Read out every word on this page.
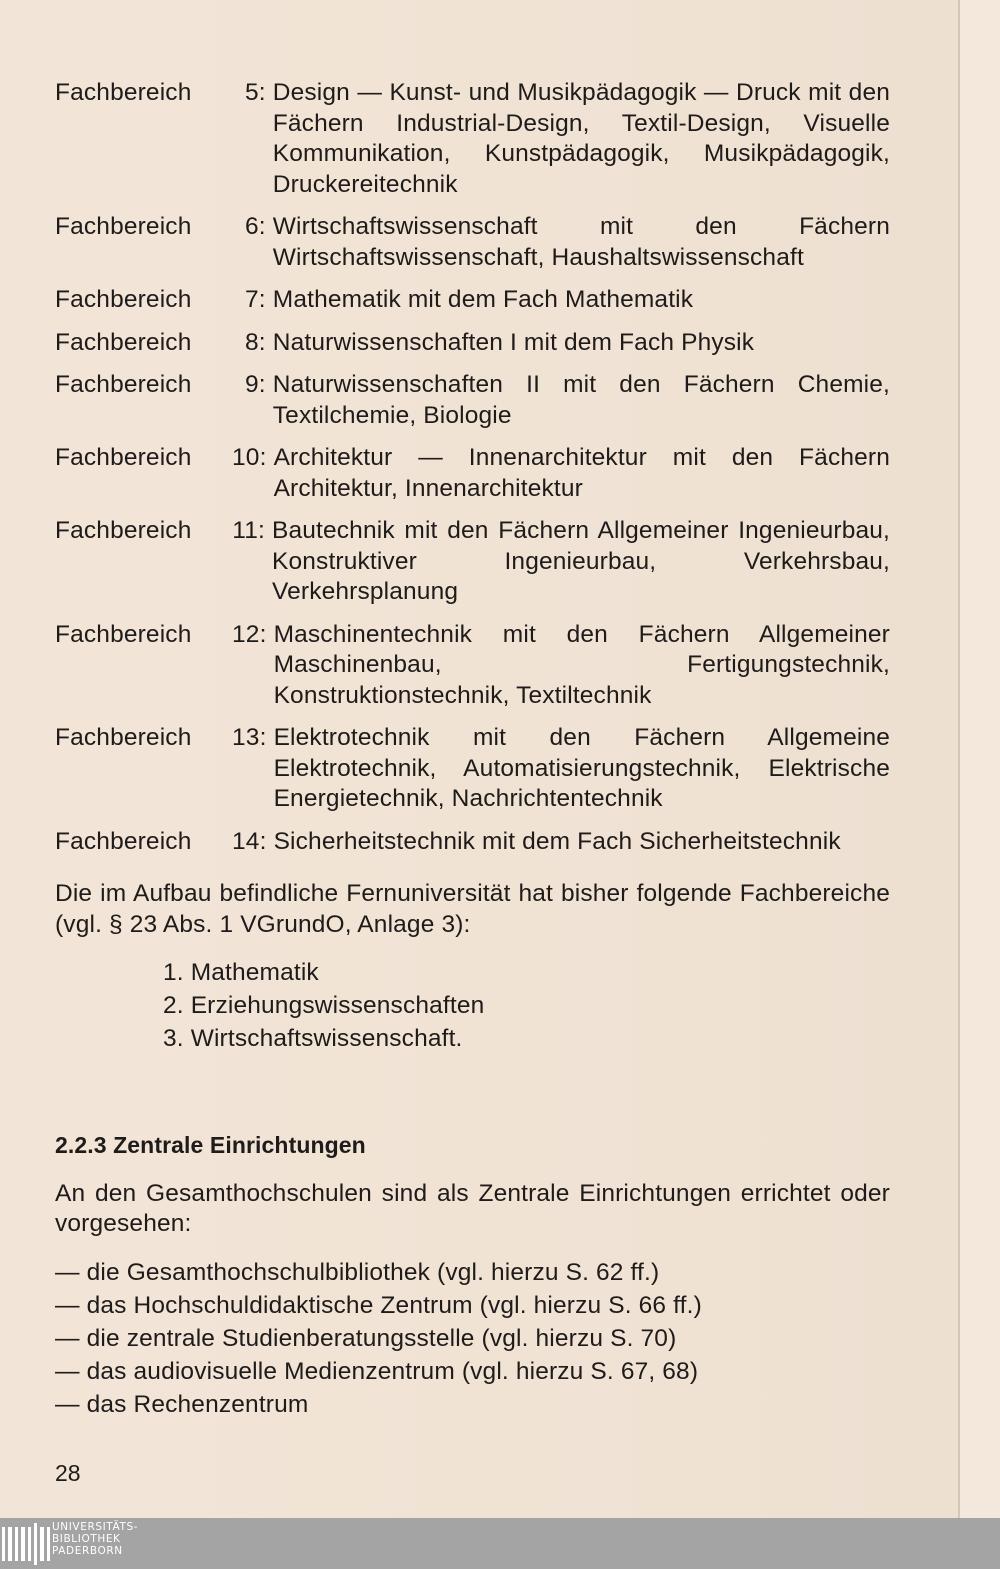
Fachbereich	5 : Design — Kunst- und Musikpädagogik — Druck mit den Fächern Industrial-Design, Textil-Design, Visuelle Kommunikation, Kunstpädagogik, Musikpädagogik, Druckereitechnik
Fachbereich	6 : Wirtschaftswissenschaft mit den Fächern Wirtschaftswissenschaft, Haushaltswissenschaft
Fachbereich	7 : Mathematik mit dem Fach Mathematik
Fachbereich	8 : Naturwissenschaften I mit dem Fach Physik
Fachbereich	9 : Naturwissenschaften II mit den Fächern Chemie, Textilchemie, Biologie
Fachbereich	10 : Architektur — Innenarchitektur mit den Fächern Architektur, Innenarchitektur
Fachbereich	11 : Bautechnik mit den Fächern Allgemeiner Ingenieurbau, Konstruktiver Ingenieurbau, Verkehrsbau, Verkehrsplanung
Fachbereich	12 : Maschinentechnik mit den Fächern Allgemeiner Maschinenbau, Fertigungstechnik, Konstruktionstechnik, Textiltechnik
Fachbereich	13 : Elektrotechnik mit den Fächern Allgemeine Elektrotechnik, Automatisierungstechnik, Elektrische Energietechnik, Nachrichtentechnik
Fachbereich	14 : Sicherheitstechnik mit dem Fach Sicherheitstechnik

Die im Aufbau befindliche Fernuniversität hat bisher folgende Fachbereiche (vgl. § 23 Abs. 1 VGrundO, Anlage 3):

1. Mathematik
2. Erziehungswissenschaften
3. Wirtschaftswissenschaft.
2.2.3 Zentrale Einrichtungen

An den Gesamthochschulen sind als Zentrale Einrichtungen errichtet oder vorgesehen:

— die Gesamthochschulbibliothek (vgl. hierzu S. 62 ff.)
— das Hochschuldidaktische Zentrum (vgl. hierzu S. 66 ff.)
— die zentrale Studienberatungsstelle (vgl. hierzu S. 70)
— das audiovisuelle Medienzentrum (vgl. hierzu S. 67, 68)
— das Rechenzentrum
28
UNIVERSITÄTS-
BIBLIOTHEK
PADERBORN
